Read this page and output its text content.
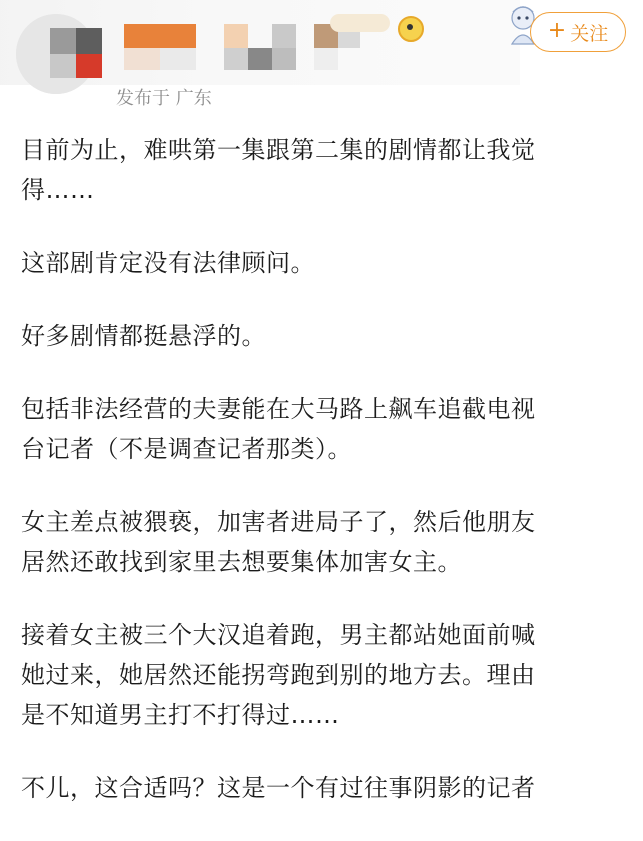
+ 关注
发布于 广东

目前为止，难哄第一集跟第二集的剧情都让我觉
得……

这部剧肯定没有法律顾问。

好多剧情都挺悬浮的。

包括非法经营的夫妻能在大马路上飙车追截电视
台记者（不是调查记者那类）。

女主差点被猥亵，加害者进局子了，然后他朋友
居然还敢找到家里去想要集体加害女主。

接着女主被三个大汉追着跑，男主都站她面前喊
她过来，她居然还能拐弯跑到别的地方去。理由
是不知道男主打不打得过……

不儿，这合适吗？这是一个有过往事阴影的记者
